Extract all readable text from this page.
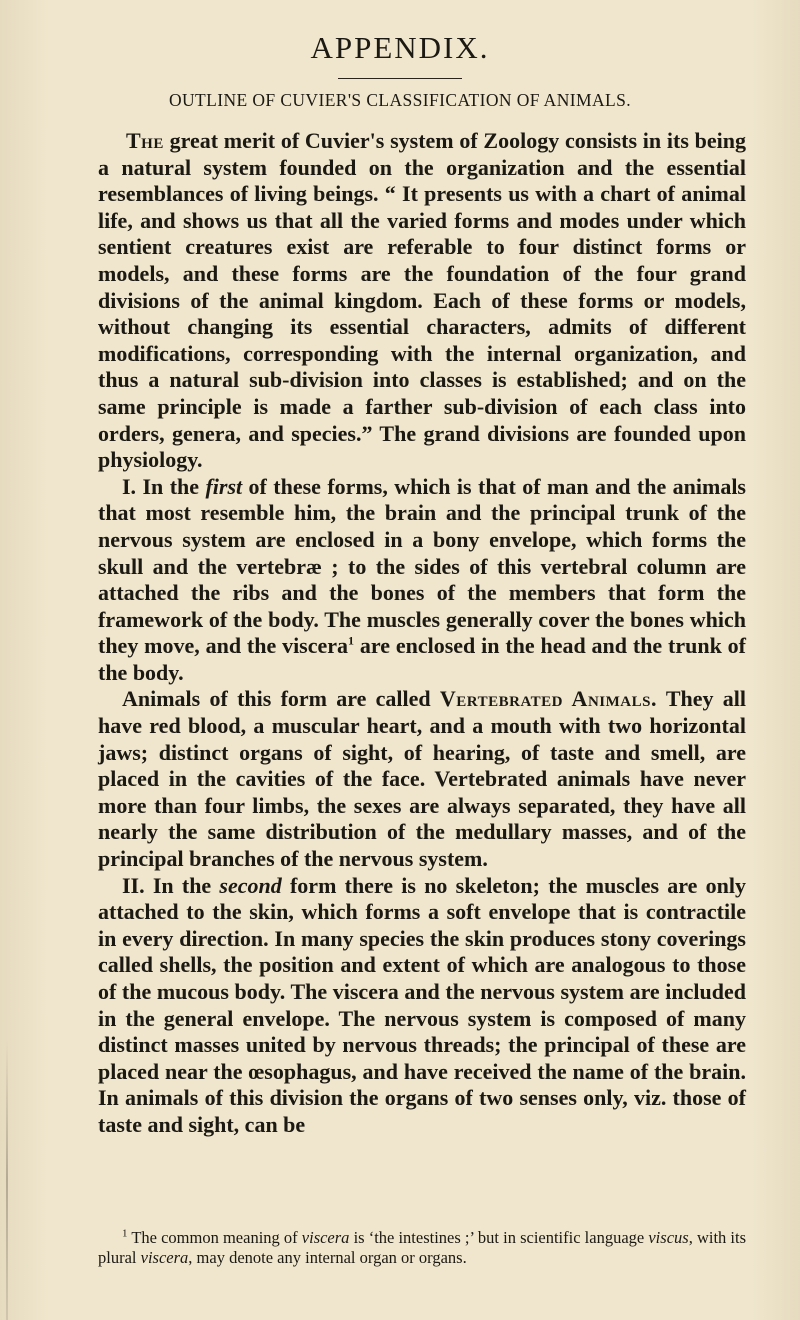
APPENDIX.
OUTLINE OF CUVIER'S CLASSIFICATION OF ANIMALS.

The great merit of Cuvier's system of Zoology consists in its being a natural system founded on the organization and the essential resemblances of living beings. “ It presents us with a chart of animal life, and shows us that all the varied forms and modes under which sentient creatures exist are referable to four distinct forms or models, and these forms are the foundation of the four grand divisions of the animal kingdom. Each of these forms or models, without changing its essential characters, admits of different modifications, corresponding with the internal organization, and thus a natural sub-division into classes is established; and on the same principle is made a farther sub-division of each class into orders, genera, and species.” The grand divisions are founded upon physiology.

I. In the first of these forms, which is that of man and the animals that most resemble him, the brain and the principal trunk of the nervous system are enclosed in a bony envelope, which forms the skull and the vertebræ ; to the sides of this vertebral column are attached the ribs and the bones of the members that form the framework of the body. The muscles generally cover the bones which they move, and the viscera$^1$ are enclosed in the head and the trunk of the body.

Animals of this form are called Vertebrated Animals. They all have red blood, a muscular heart, and a mouth with two horizontal jaws; distinct organs of sight, of hearing, of taste and smell, are placed in the cavities of the face. Vertebrated animals have never more than four limbs, the sexes are always separated, they have all nearly the same distribution of the medullary masses, and of the principal branches of the nervous system.

II. In the second form there is no skeleton; the muscles are only attached to the skin, which forms a soft envelope that is contractile in every direction. In many species the skin produces stony coverings called shells, the position and extent of which are analogous to those of the mucous body. The viscera and the nervous system are included in the general envelope. The nervous system is composed of many distinct masses united by nervous threads; the principal of these are placed near the œsophagus, and have received the name of the brain. In animals of this division the organs of two senses only, viz. those of taste and sight, can be

$^1$ The common meaning of viscera is ‘the intestines ;’ but in scientific language viscus, with its plural viscera, may denote any internal organ or organs.
